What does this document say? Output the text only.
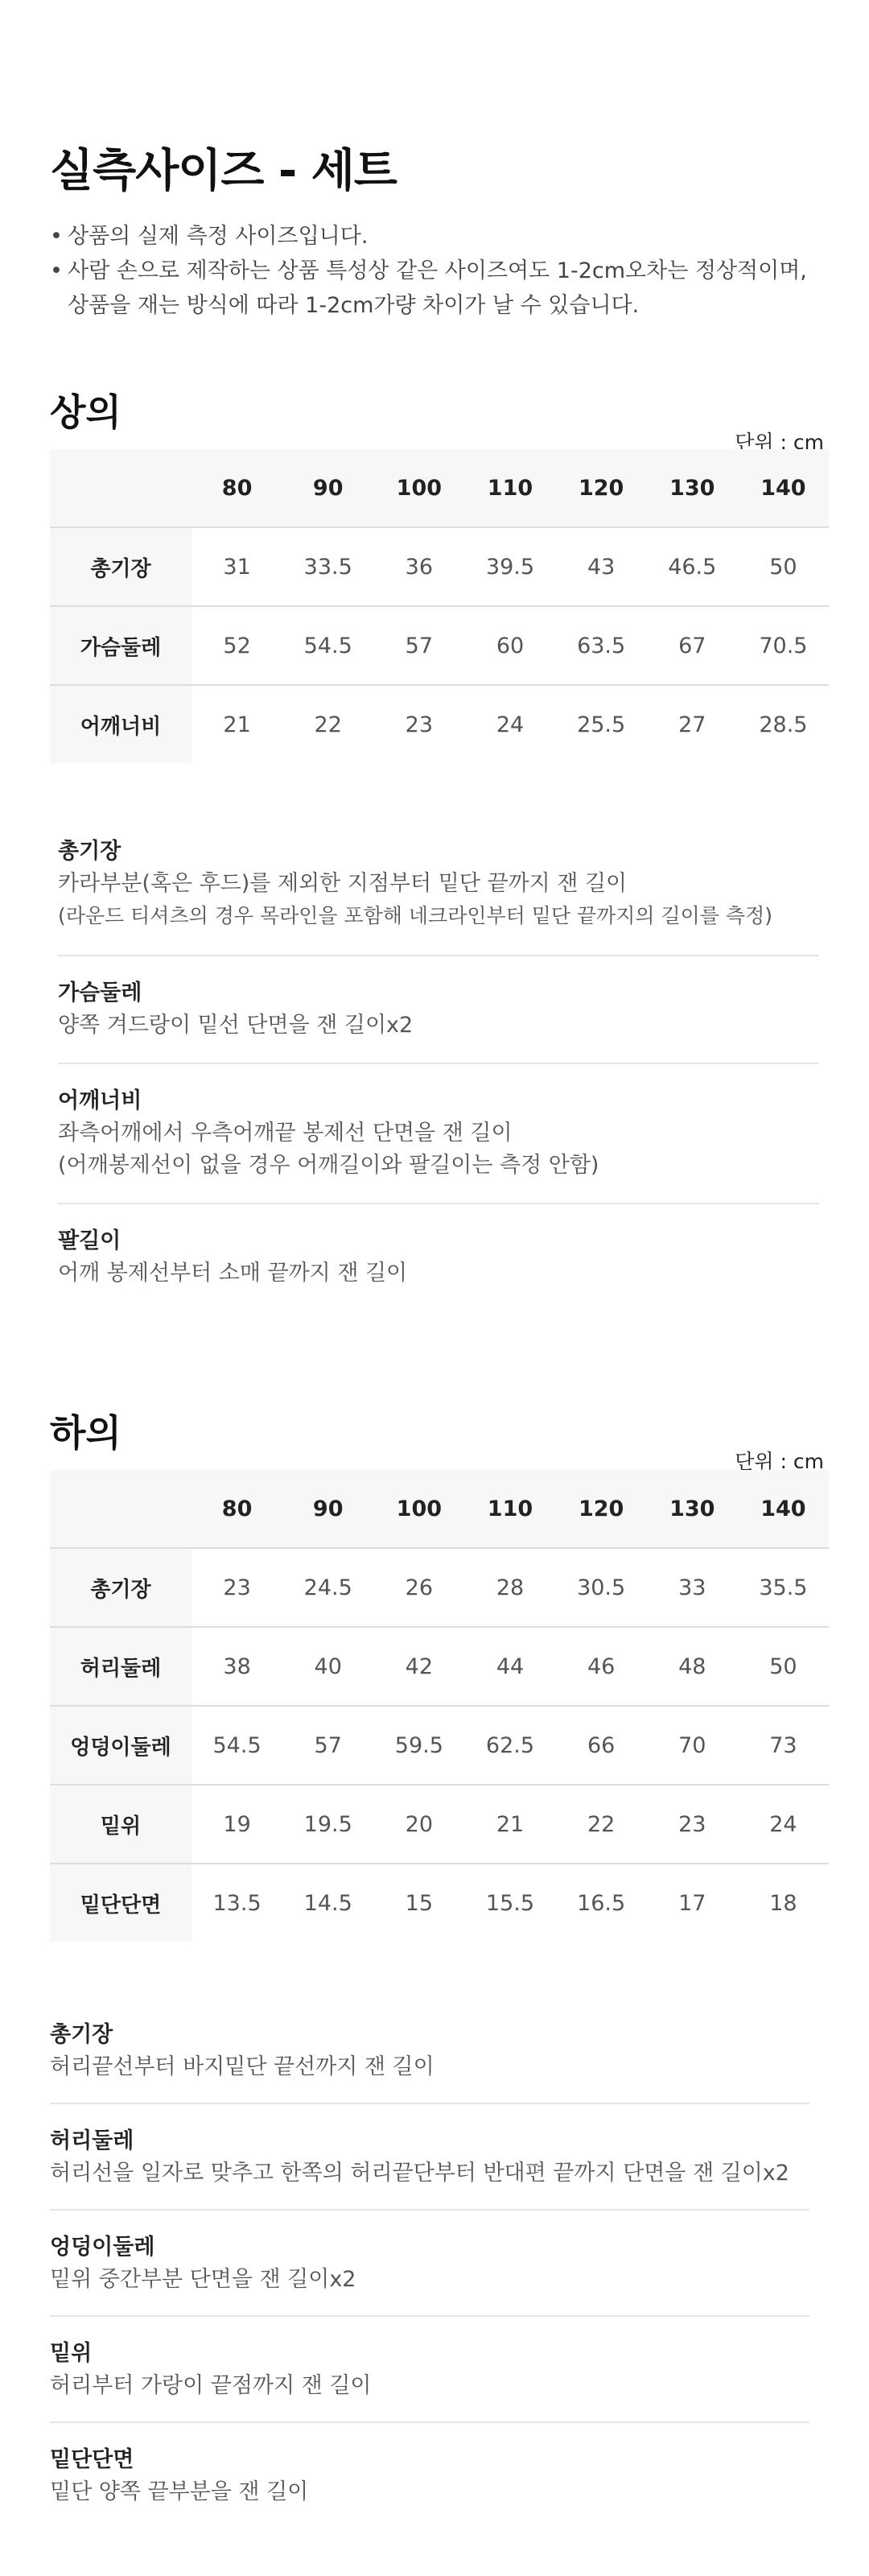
실측사이즈 - 세트
• 상품의 실제 측정 사이즈입니다.
• 사람 손으로 제작하는 상품 특성상 같은 사이즈여도 1-2cm오차는 정상적이며,
상품을 재는 방식에 따라 1-2cm가량 차이가 날 수 있습니다.
상의
단위 : cm
	80	90	100	110	120	130	140
총기장	31	33.5	36	39.5	43	46.5	50
가슴둘레	52	54.5	57	60	63.5	67	70.5
어깨너비	21	22	23	24	25.5	27	28.5
총기장
카라부분(혹은 후드)를 제외한 지점부터 밑단 끝까지 잰 길이
(라운드 티셔츠의 경우 목라인을 포함해 네크라인부터 밑단 끝까지의 길이를 측정)
가슴둘레
양쪽 겨드랑이 밑선 단면을 잰 길이x2
어깨너비
좌측어깨에서 우측어깨끝 봉제선 단면을 잰 길이
(어깨봉제선이 없을 경우 어깨길이와 팔길이는 측정 안함)
팔길이
어깨 봉제선부터 소매 끝까지 잰 길이
하의
단위 : cm
	80	90	100	110	120	130	140
총기장	23	24.5	26	28	30.5	33	35.5
허리둘레	38	40	42	44	46	48	50
엉덩이둘레	54.5	57	59.5	62.5	66	70	73
밑위	19	19.5	20	21	22	23	24
밑단단면	13.5	14.5	15	15.5	16.5	17	18
총기장
허리끝선부터 바지밑단 끝선까지 잰 길이
허리둘레
허리선을 일자로 맞추고 한쪽의 허리끝단부터 반대편 끝까지 단면을 잰 길이x2
엉덩이둘레
밑위 중간부분 단면을 잰 길이x2
밑위
허리부터 가랑이 끝점까지 잰 길이
밑단단면
밑단 양쪽 끝부분을 잰 길이
